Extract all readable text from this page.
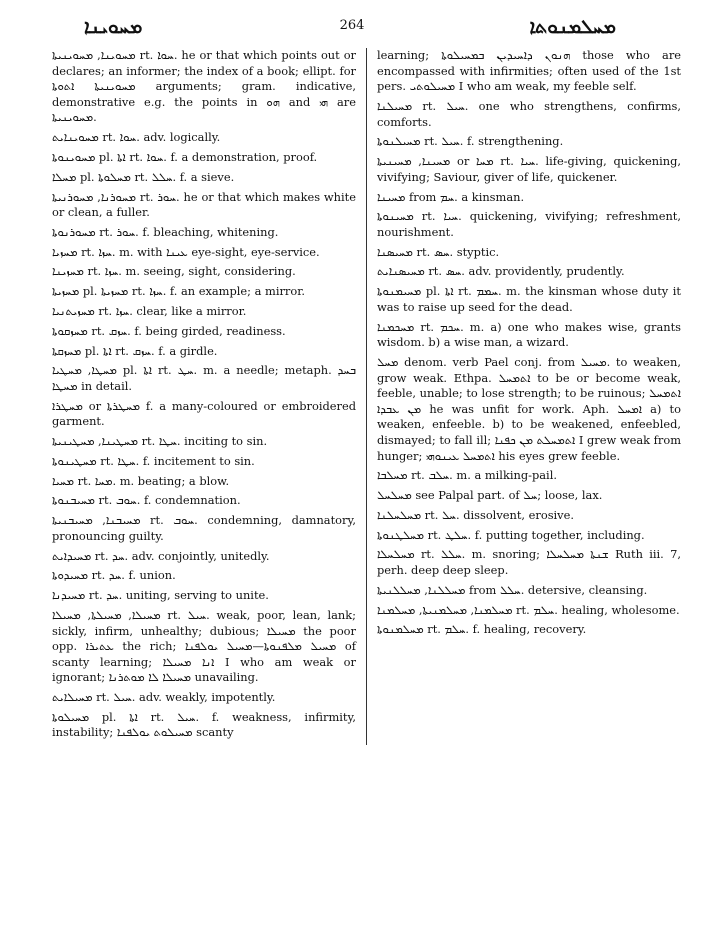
ܡܚܘܝܢܐ	264	ܡܚܠܡܢܘܬܐ

ܡܚܘܝܢܐ, ܡܚܘܝܢܝܬܐ rt. ܚܘܐ. he or that which points out or declares; an informer; the index of a book; ellipt. for ܡܚܘܝܢܝܬܐ ܐܬܘܬܐ arguments; gram. indicative, demonstrative e.g. the points in ܗܘ and ܗܝ are ܡܚܘܝܢܝܬܐ.

ܡܚܘܝܢܐܝܬ rt. ܚܘܐ. adv. logically.

ܡܚܘܝܢܘܬܐ pl. ܐܬܐ rt. ܚܘܐ. f. a demonstration, proof.

ܡܚܠܐ pl. ܡܚܠܘܬܐ rt. ܚܠܠ. f. a sieve.

ܡܚܘܪܢܐ, ܡܚܘܪܢܝܬܐ rt. ܚܘܪ. he or that which makes white or clean, a fuller.

ܡܚܘܪܢܘܬܐ rt. ܚܘܪ. f. bleaching, whitening.

ܡܚܙܝܐ rt. ܚܙܐ. m. with ܥܝܢܐ eye-sight, eye-service.

ܡܚܙܝܢܐ rt. ܚܙܐ. m. seeing, sight, considering.

ܡܚܙܝܬܐ pl. ܡܚܙܝܬܐ rt. ܚܙܐ. f. an example; a mirror.

ܡܚܙܝܬܢܝܐ rt. ܚܙܐ. clear, like a mirror.

ܡܚܙܩܘܬܐ rt. ܚܙܩ. f. being girded, readiness.

ܡܚܙܩܬܐ pl. ܐܬܐ rt. ܚܙܩ. f. a girdle.

ܡܚܛܐ, ܡܚܛܝܐ pl. ܐܬܐ rt. ܚܛ. m. a needle; metaph. ܒܚܕ ܡܚܛܐ in detail.

ܡܚܛܪܐ or ܡܚܛܪܬܐ f. a many-coloured or embroidered garment.

ܡܚܛܝܢܐ, ܡܚܛܝܢܝܬܐ rt. ܚܛܐ. inciting to sin.

ܡܚܛܝܢܘܬܐ rt. ܚܛܐ. f. incitement to sin.

ܡܚܝܐ rt. ܡܚܐ. m. beating; a blow.

ܡܚܝܒܢܘܬܐ rt. ܚܘܒ. f. condemnation.

ܡܚܝܒܢܐ, ܡܚܝܒܢܝܬܐ rt. ܚܘܒ. condemning, damnatory, pronouncing guilty.

ܡܚܝܕܐܝܬ rt. ܚܕ. adv. conjointly, unitedly.

ܡܚܝܕܘܬܐ rt. ܚܕ. f. union.

ܡܚܝܕܢܐ rt. ܚܕ. uniting, serving to unite.

ܡܚܝܠܐ, ܡܚܝܠܬܐ, ܡܚܝܠܐ rt. ܚܝܠ. weak, poor, lean, lank; sickly, infirm, unhealthy; dubious; ܡܚܝܠܐ the poor opp. ܥܬܝܪܐ the rich; ܡܚܝܠ ܡܠܦܢܘܬܐ—ܡܚܝܠ ܝܘܠܦܢܐ of scanty learning; ܐܢܐ ܡܚܝܠܐ I who am weak or ignorant; ܡܚܝܠܐ ܠܐ ܡܘܬܪܢܐ unavailing.

ܡܚܝܠܐܝܬ rt. ܚܝܠ. adv. weakly, impotently.

ܡܚܝܠܘܬܐ pl. ܐܬܐ rt. ܚܝܠ. f. weakness, infirmity, instability; ܡܚܝܠܘܬ ܝܘܠܦܢܐ scanty

learning; ܗܢܘܢ ܕܐܚܝܕܝܢ ܒܡܚܝܠܘܬܐ those who are encompassed with infirmities; often used of the 1st pers. ܡܚܝܠܘܬܝ I who am weak, my feeble self.

ܡܚܝܠܢܐ rt. ܚܝܠ. one who strengthens, confirms, comforts.

ܡܚܝܠܢܘܬܐ rt. ܚܝܠ. f. strengthening.

ܡܚܝܢܐ, ܡܚܝܢܝܬܐ or ܡܚܐ rt. ܚܝܐ. life-giving, quickening, vivifying; Saviour, giver of life, quickener.

ܡܚܝܢܐ from ܚܡ. a kinsman.

ܡܚܝܢܘܬܐ rt. ܚܝܐ. quickening, vivifying; refreshment, nourishment.

ܡܚܝܣܢܐ rt. ܚܣ. styptic.

ܡܚܝܣܢܐܝܬ rt. ܚܣ. adv. providently, prudently.

ܡܚܝܡܢܘܬܐ pl. ܐܬܐ rt. ܚܡܡ. m. the kinsman whose duty it was to raise up seed for the dead.

ܡܚܟܡܢܐ rt. ܚܟܡ. m. a) one who makes wise, grants wisdom. b) a wise man, a wizard.

ܡܚܠ denom. verb Pael conj. from ܡܚܝܠ. to weaken, grow weak. Ethpa. ܐܬܡܚܠ to be or become weak, feeble, unable; to lose strength; to be ruinous; ܐܬܡܚܠ ܡܢ ܥܒܕܐ he was unfit for work. Aph. ܐܡܚܠ a) to weaken, enfeeble. b) to be weakened, enfeebled, dismayed; to fall ill; ܐܬܡܚܠܬ ܡܢ ܟܦܢܐ I grew weak from hunger; ܐܬܡܚܠ ܥܝܢܘܗܝ his eyes grew feeble.

ܡܚܠܒܐ rt. ܚܠܒ. m. a milking-pail.

ܡܚܠܚܠ see Palpal part. of ܚܠ; loose, lax.

ܡܚܠܚܠܢܐ rt. ܚܠ. dissolvent, erosive.

ܡܚܠܛܢܘܬܐ rt. ܚܠܛ. f. putting together, including.

ܡܚܠܚܠܐ rt. ܚܠܠ. m. snoring; ܫܢܬܐ ܡܚܠܚܠܐ Ruth iii. 7, perh. deep deep sleep.

ܡܚܠܠܢܐ, ܡܚܠܠܢܝܬܐ from ܚܠܠ. detersive, cleansing.

ܡܚܠܡܢܐ, ܡܚܠܡܢܝܬܐ, ܡܚܠܡܢܐ rt. ܚܠܡ. healing, wholesome.

ܡܚܠܡܢܘܬܐ rt. ܚܠܡ. f. healing, recovery.
